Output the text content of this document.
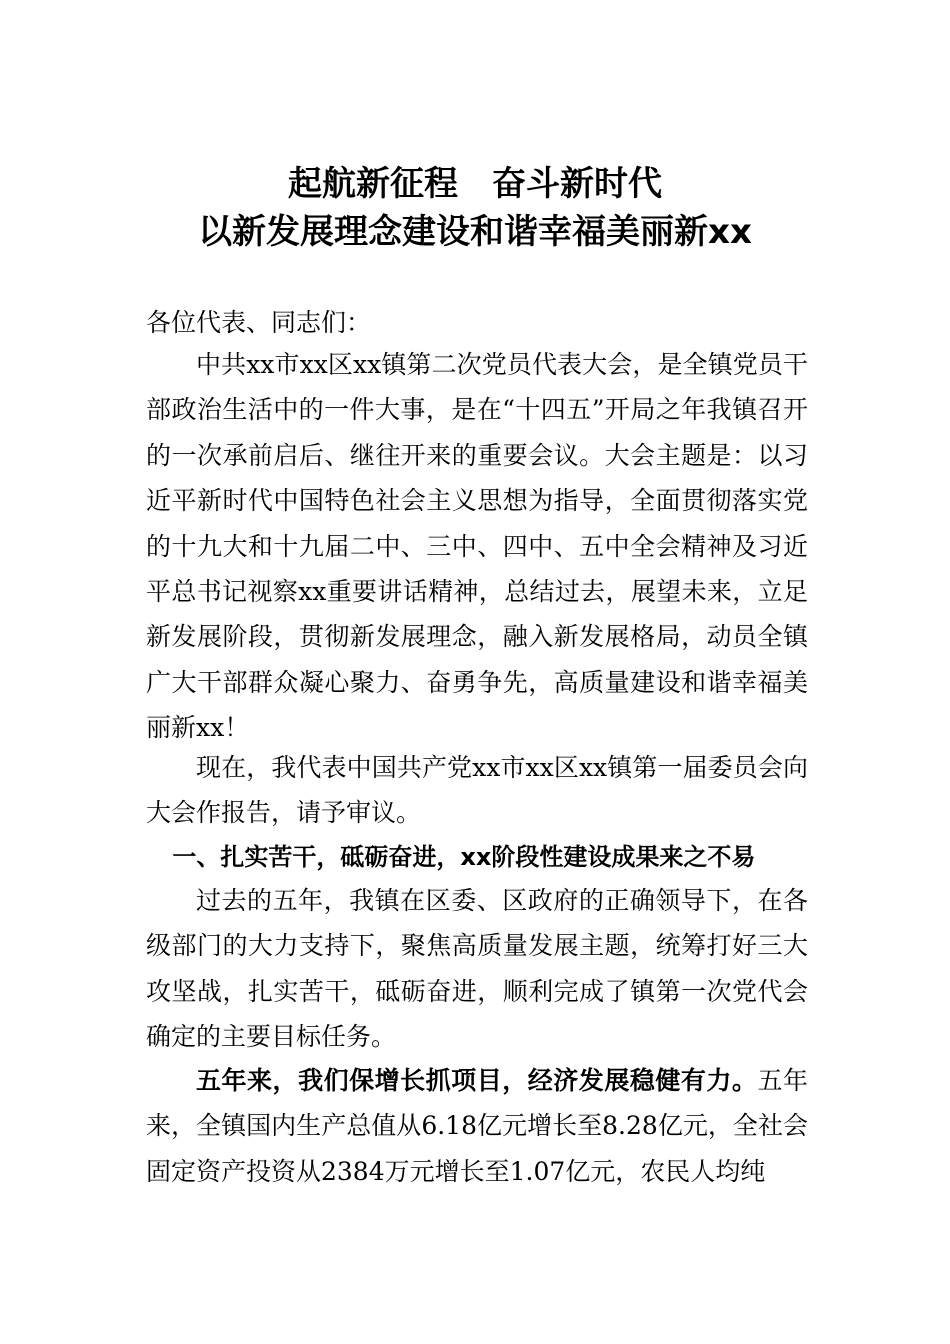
起航新征程　奋斗新时代
以新发展理念建设和谐幸福美丽新xx

各位代表、同志们：

中共xx市xx区xx镇第二次党员代表大会，是全镇党员干部政治生活中的一件大事，是在“十四五”开局之年我镇召开的一次承前启后、继往开来的重要会议。大会主题是：以习近平新时代中国特色社会主义思想为指导，全面贯彻落实党的十九大和十九届二中、三中、四中、五中全会精神及习近平总书记视察xx重要讲话精神，总结过去，展望未来，立足新发展阶段，贯彻新发展理念，融入新发展格局，动员全镇广大干部群众凝心聚力、奋勇争先，高质量建设和谐幸福美丽新xx！

现在，我代表中国共产党xx市xx区xx镇第一届委员会向大会作报告，请予审议。

一、扎实苦干，砥砺奋进，xx阶段性建设成果来之不易

过去的五年，我镇在区委、区政府的正确领导下，在各级部门的大力支持下，聚焦高质量发展主题，统筹打好三大攻坚战，扎实苦干，砥砺奋进，顺利完成了镇第一次党代会确定的主要目标任务。

五年来，我们保增长抓项目，经济发展稳健有力。五年来，全镇国内生产总值从6.18亿元增长至8.28亿元，全社会固定资产投资从2384万元增长至1.07亿元，农民人均纯
